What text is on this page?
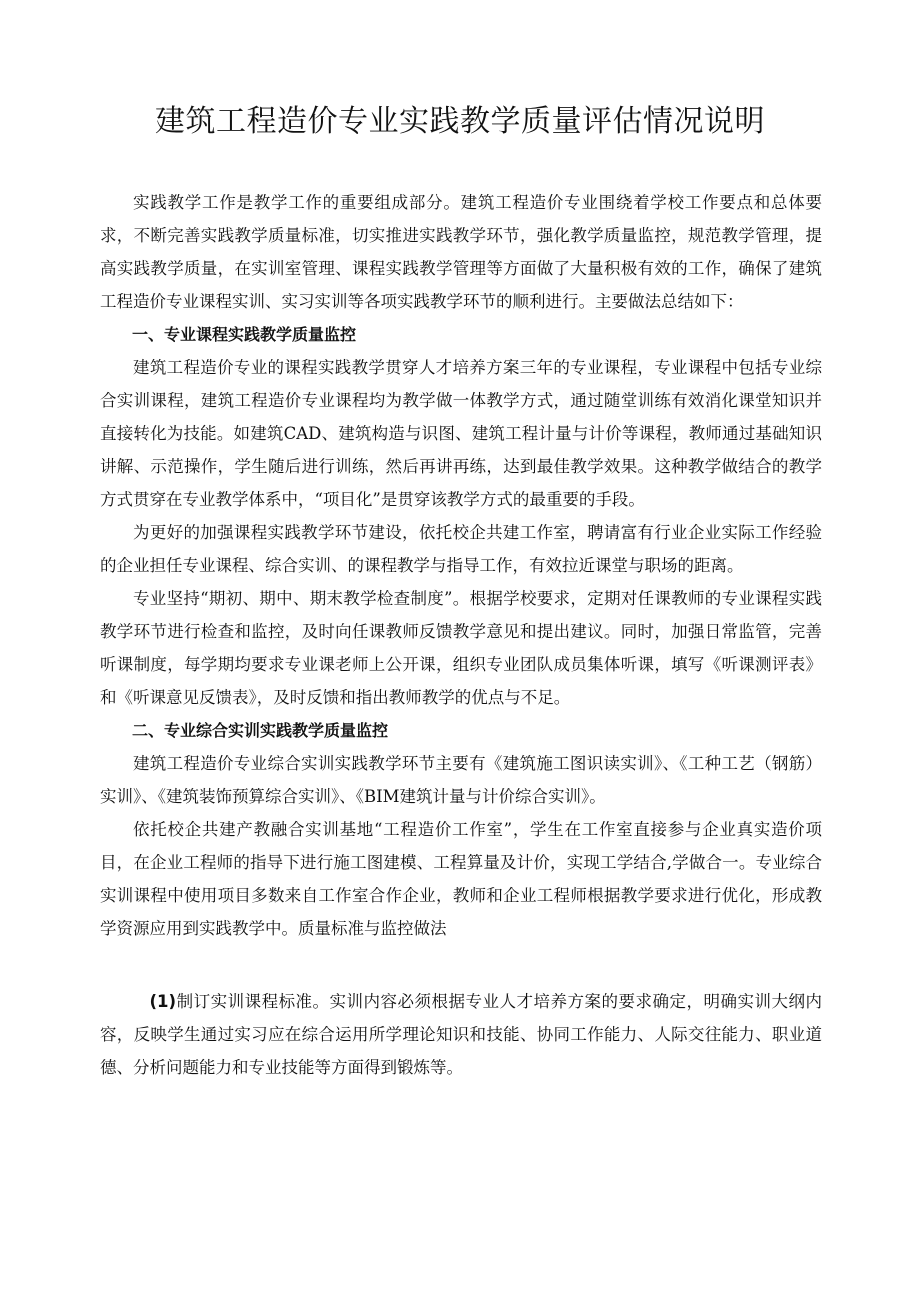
建筑工程造价专业实践教学质量评估情况说明

实践教学工作是教学工作的重要组成部分。建筑工程造价专业围绕着学校工作要点和总体要求，不断完善实践教学质量标准，切实推进实践教学环节，强化教学质量监控，规范教学管理，提高实践教学质量，在实训室管理、课程实践教学管理等方面做了大量积极有效的工作，确保了建筑工程造价专业课程实训、实习实训等各项实践教学环节的顺利进行。主要做法总结如下：

一、专业课程实践教学质量监控

建筑工程造价专业的课程实践教学贯穿人才培养方案三年的专业课程，专业课程中包括专业综合实训课程，建筑工程造价专业课程均为教学做一体教学方式，通过随堂训练有效消化课堂知识并直接转化为技能。如建筑CAD、建筑构造与识图、建筑工程计量与计价等课程，教师通过基础知识讲解、示范操作，学生随后进行训练，然后再讲再练，达到最佳教学效果。这种教学做结合的教学方式贯穿在专业教学体系中，“项目化”是贯穿该教学方式的最重要的手段。

为更好的加强课程实践教学环节建设，依托校企共建工作室，聘请富有行业企业实际工作经验的企业担任专业课程、综合实训、的课程教学与指导工作，有效拉近课堂与职场的距离。

专业坚持“期初、期中、期末教学检查制度”。根据学校要求，定期对任课教师的专业课程实践教学环节进行检查和监控，及时向任课教师反馈教学意见和提出建议。同时，加强日常监管，完善听课制度，每学期均要求专业课老师上公开课，组织专业团队成员集体听课，填写《听课测评表》和《听课意见反馈表》，及时反馈和指出教师教学的优点与不足。

二、专业综合实训实践教学质量监控

建筑工程造价专业综合实训实践教学环节主要有《建筑施工图识读实训》、《工种工艺（钢筋）实训》、《建筑装饰预算综合实训》、《BIM建筑计量与计价综合实训》。

依托校企共建产教融合实训基地“工程造价工作室”，学生在工作室直接参与企业真实造价项目，在企业工程师的指导下进行施工图建模、工程算量及计价，实现工学结合,学做合一。专业综合实训课程中使用项目多数来自工作室合作企业，教师和企业工程师根据教学要求进行优化，形成教学资源应用到实践教学中。质量标准与监控做法

(1)制订实训课程标准。实训内容必须根据专业人才培养方案的要求确定，明确实训大纲内容，反映学生通过实习应在综合运用所学理论知识和技能、协同工作能力、人际交往能力、职业道德、分析问题能力和专业技能等方面得到锻炼等。
